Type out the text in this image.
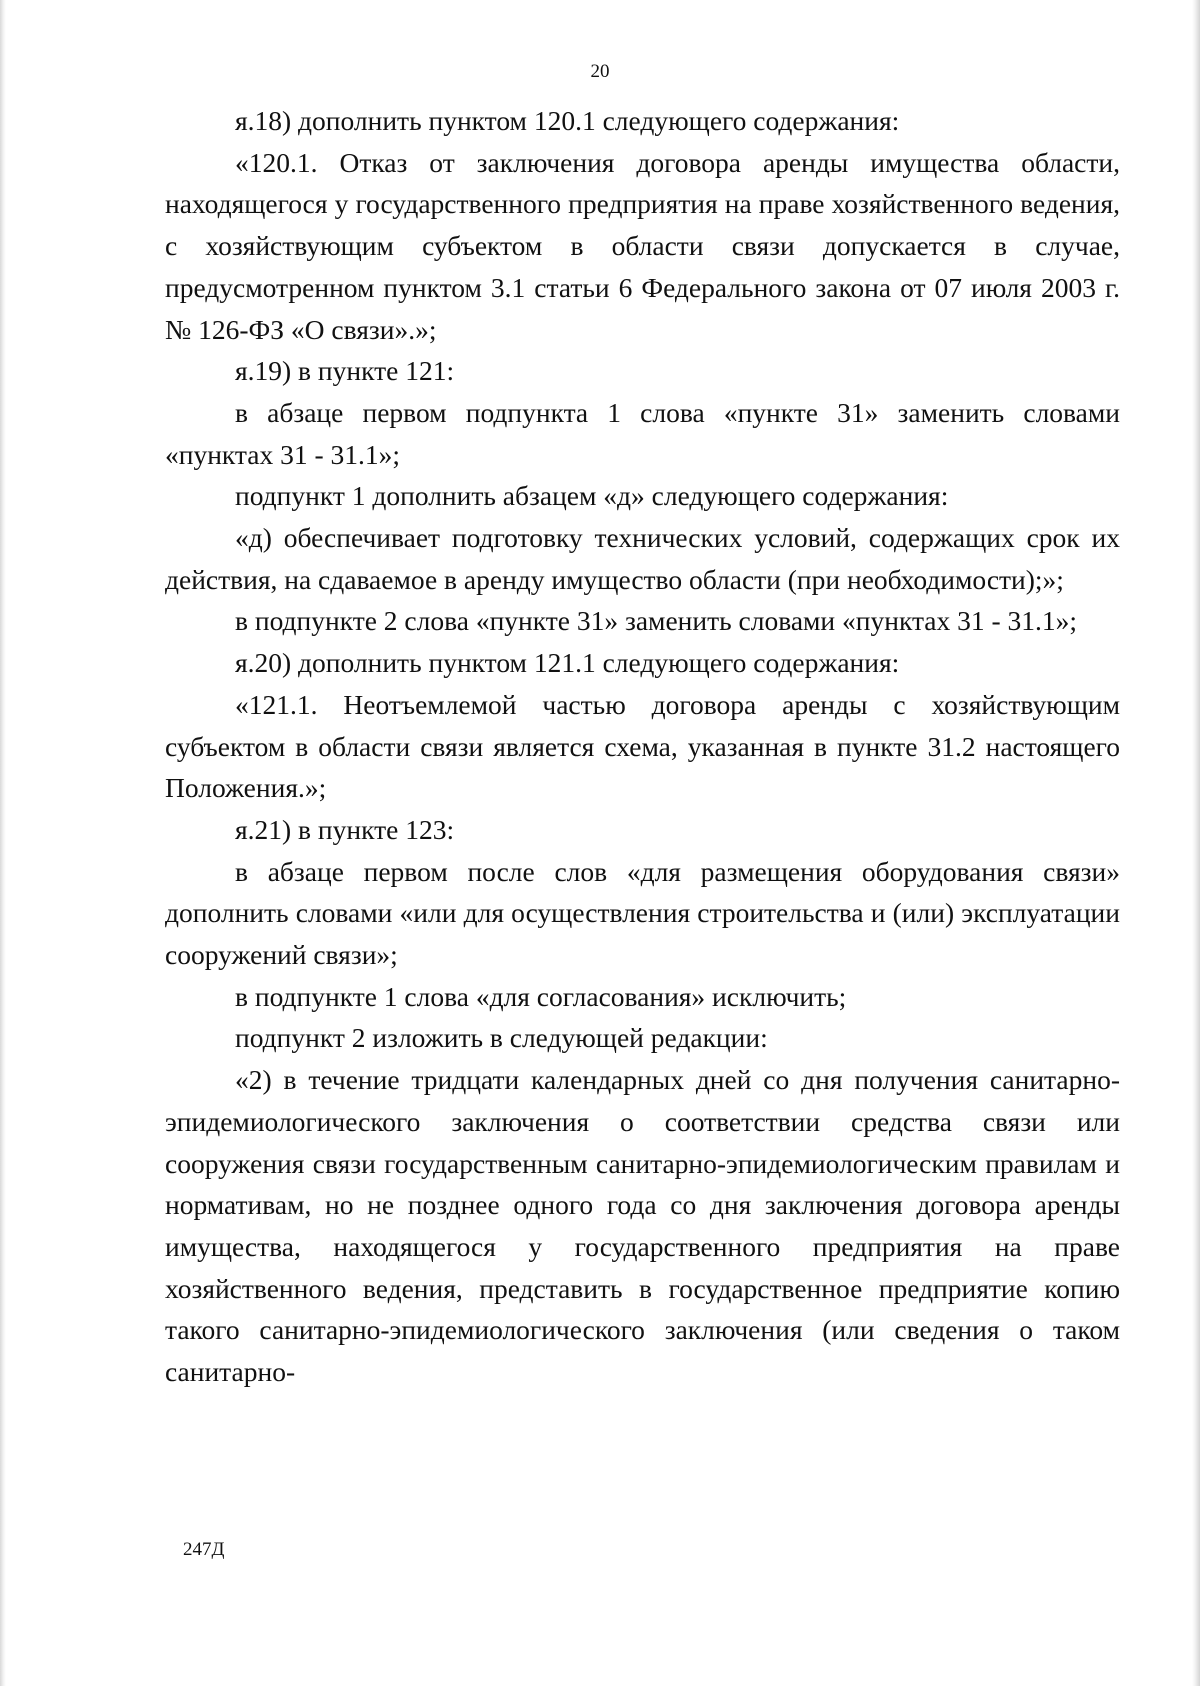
20

я.18) дополнить пунктом 120.1 следующего содержания:

«120.1. Отказ от заключения договора аренды имущества области, находящегося у государственного предприятия на праве хозяйственного ведения, с хозяйствующим субъектом в области связи допускается в случае, предусмотренном пунктом 3.1 статьи 6 Федерального закона от 07 июля 2003 г. № 126-ФЗ «О связи».»;

я.19) в пункте 121:

в абзаце первом подпункта 1 слова «пункте 31» заменить словами «пунктах 31 - 31.1»;

подпункт 1 дополнить абзацем «д» следующего содержания:

«д) обеспечивает подготовку технических условий, содержащих срок их действия, на сдаваемое в аренду имущество области (при необходимости);»;

в подпункте 2 слова «пункте 31» заменить словами «пунктах 31 - 31.1»;

я.20) дополнить пунктом 121.1 следующего содержания:

«121.1. Неотъемлемой частью договора аренды с хозяйствующим субъектом в области связи является схема, указанная в пункте 31.2 настоящего Положения.»;

я.21) в пункте 123:

в абзаце первом после слов «для размещения оборудования связи» дополнить словами «или для осуществления строительства и (или) эксплуатации сооружений связи»;

в подпункте 1 слова «для согласования» исключить;

подпункт 2 изложить в следующей редакции:

«2) в течение тридцати календарных дней со дня получения санитарно-эпидемиологического заключения о соответствии средства связи или сооружения связи государственным санитарно-эпидемиологическим правилам и нормативам, но не позднее одного года со дня заключения договора аренды имущества, находящегося у государственного предприятия на праве хозяйственного ведения, представить в государственное предприятие копию такого санитарно-эпидемиологического заключения (или сведения о таком санитарно-

247Д
